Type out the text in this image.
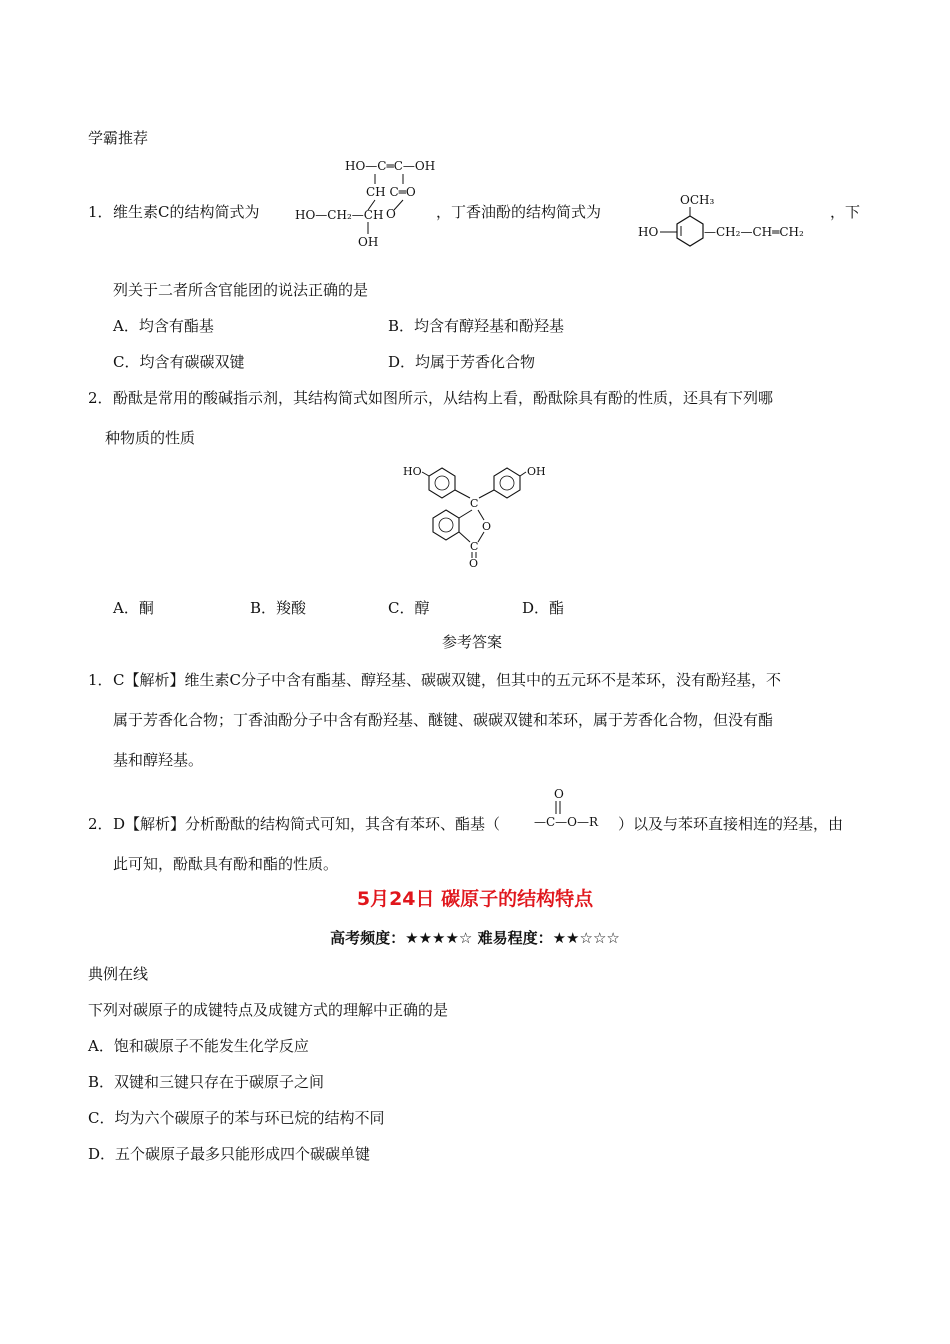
学霸推荐
1． 维生素C的结构简式为
HO—C═C—OH
CH C═O
HO—CH₂—CH O
OH
，丁香油酚的结构简式为
OCH₃
HO	—CH₂—CH═CH₂
，下
列关于二者所含官能团的说法正确的是
A．均含有酯基	B．均含有醇羟基和酚羟基
C．均含有碳碳双键	D．均属于芳香化合物
2． 酚酞是常用的酸碱指示剂，其结构简式如图所示，从结构上看，酚酞除具有酚的性质，还具有下列哪
种物质的性质
HO	OH
C
O
C
O
A．酮	B．羧酸	C．醇	D．酯
参考答案
1． C【解析】维生素C分子中含有酯基、醇羟基、碳碳双键，但其中的五元环不是苯环，没有酚羟基，不
属于芳香化合物；丁香油酚分子中含有酚羟基、醚键、碳碳双键和苯环，属于芳香化合物，但没有酯
基和醇羟基。
2． D【解析】分析酚酞的结构简式可知，其含有苯环、酯基（
O
—C—O—R ）以及与苯环直接相连的羟基，由
此可知，酚酞具有酚和酯的性质。
5月24日 碳原子的结构特点
高考频度：★★★★☆ 难易程度：★★☆☆☆
典例在线
下列对碳原子的成键特点及成键方式的理解中正确的是
A．饱和碳原子不能发生化学反应
B．双键和三键只存在于碳原子之间
C．均为六个碳原子的苯与环已烷的结构不同
D．五个碳原子最多只能形成四个碳碳单键
